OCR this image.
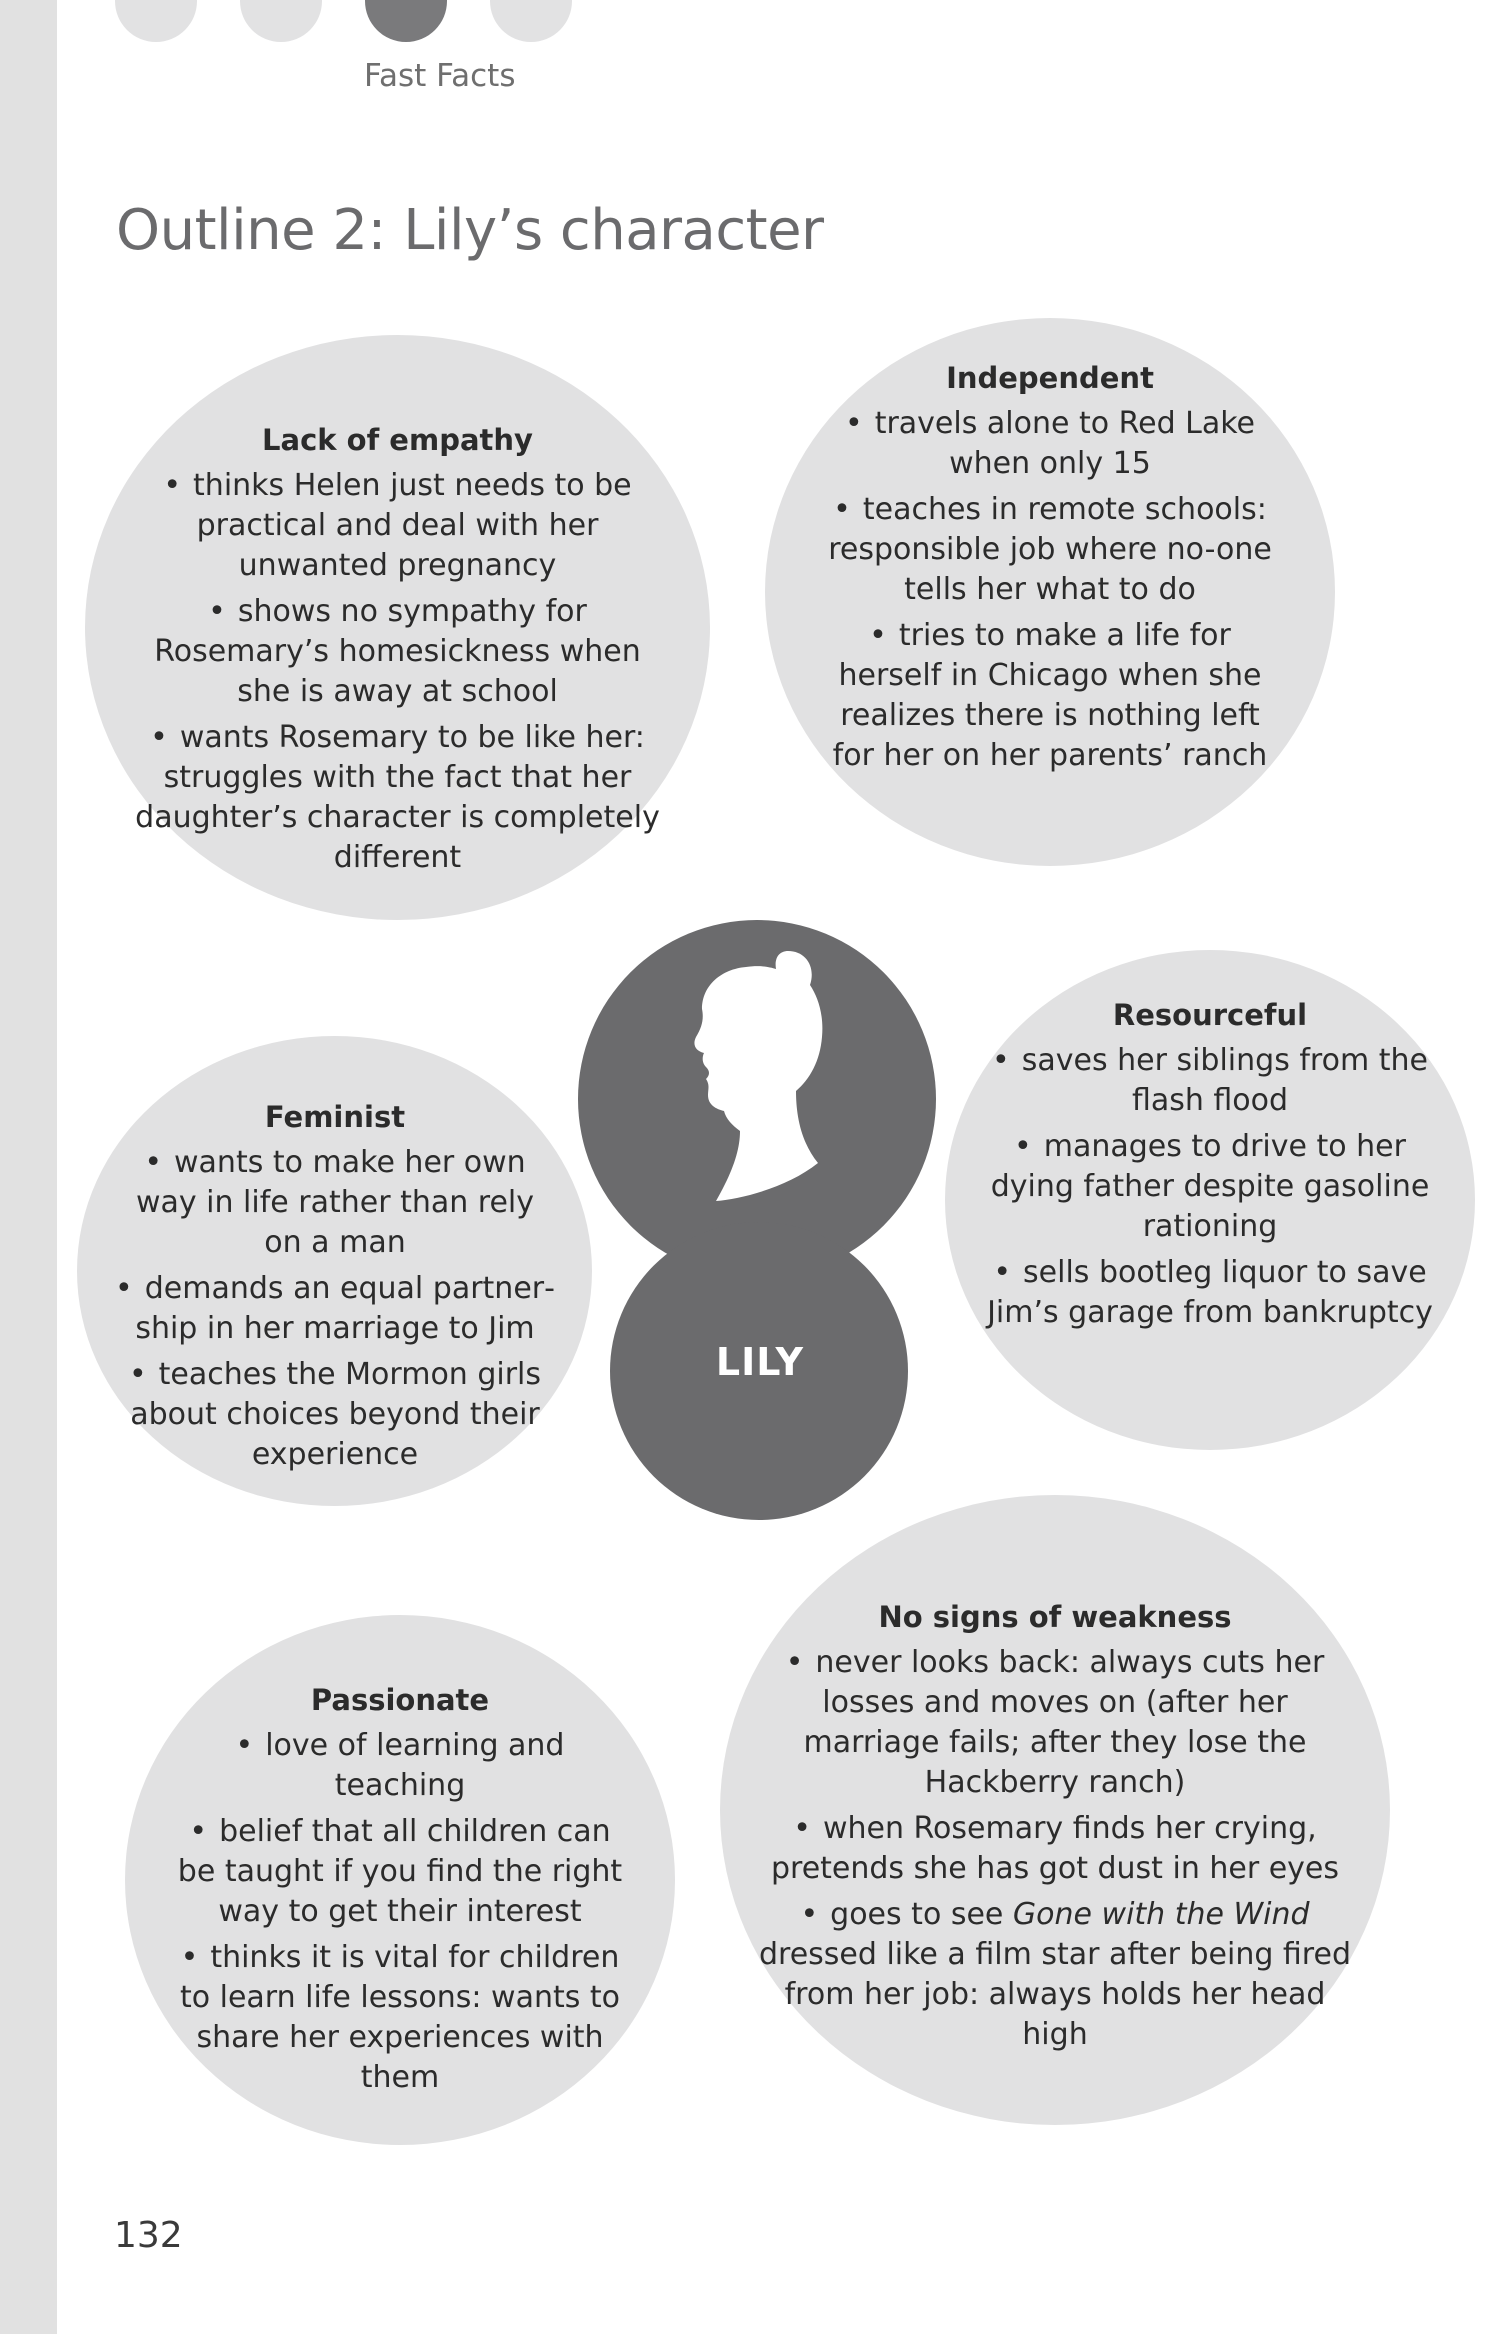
Fast Facts
Outline 2: Lily’s character
Lack of empathy
• thinks Helen just needs to be practical and deal with her unwanted pregnancy
• shows no sympathy for Rosemary’s homesickness when she is away at school
• wants Rosemary to be like her: struggles with the fact that her daughter’s character is completely different
Independent
• travels alone to Red Lake when only 15
• teaches in remote schools: responsible job where no-one tells her what to do
• tries to make a life for herself in Chicago when she realizes there is nothing left for her on her parents’ ranch
Feminist
• wants to make her own way in life rather than rely on a man
• demands an equal partnership in her marriage to Jim
• teaches the Mormon girls about choices beyond their experience
Resourceful
• saves her siblings from the flash flood
• manages to drive to her dying father despite gasoline rationing
• sells bootleg liquor to save Jim’s garage from bankruptcy
Passionate
• love of learning and teaching
• belief that all children can be taught if you find the right way to get their interest
• thinks it is vital for children to learn life lessons: wants to share her experiences with them
No signs of weakness
• never looks back: always cuts her losses and moves on (after her marriage fails; after they lose the Hackberry ranch)
• when Rosemary finds her crying, pretends she has got dust in her eyes
• goes to see Gone with the Wind dressed like a film star after being fired from her job: always holds her head high
LILY
132
